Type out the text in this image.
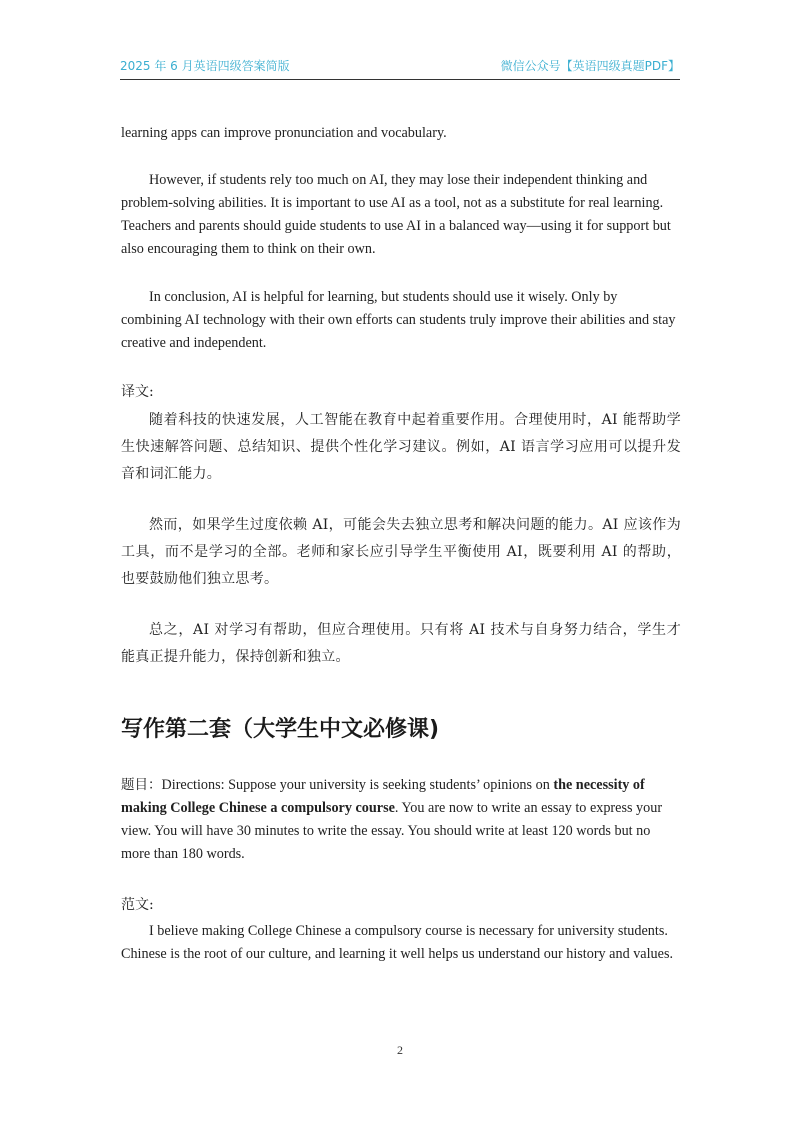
2025 年 6 月英语四级答案简版	微信公众号【英语四级真题PDF】

learning apps can improve pronunciation and vocabulary.

However, if students rely too much on AI, they may lose their independent thinking and problem-solving abilities. It is important to use AI as a tool, not as a substitute for real learning. Teachers and parents should guide students to use AI in a balanced way—using it for support but also encouraging them to think on their own.

In conclusion, AI is helpful for learning, but students should use it wisely. Only by combining AI technology with their own efforts can students truly improve their abilities and stay creative and independent.

译文:

随着科技的快速发展，人工智能在教育中起着重要作用。合理使用时，AI 能帮助学生快速解答问题、总结知识、提供个性化学习建议。例如，AI 语言学习应用可以提升发音和词汇能力。

然而，如果学生过度依赖 AI，可能会失去独立思考和解决问题的能力。AI 应该作为工具，而不是学习的全部。老师和家长应引导学生平衡使用 AI，既要利用 AI 的帮助，也要鼓励他们独立思考。

总之，AI 对学习有帮助，但应合理使用。只有将 AI 技术与自身努力结合，学生才能真正提升能力，保持创新和独立。

写作第二套（大学生中文必修课)

题目：Directions: Suppose your university is seeking students’ opinions on the necessity of making College Chinese a compulsory course. You are now to write an essay to express your view. You will have 30 minutes to write the essay. You should write at least 120 words but no more than 180 words.

范文:

I believe making College Chinese a compulsory course is necessary for university students. Chinese is the root of our culture, and learning it well helps us understand our history and values.

2
